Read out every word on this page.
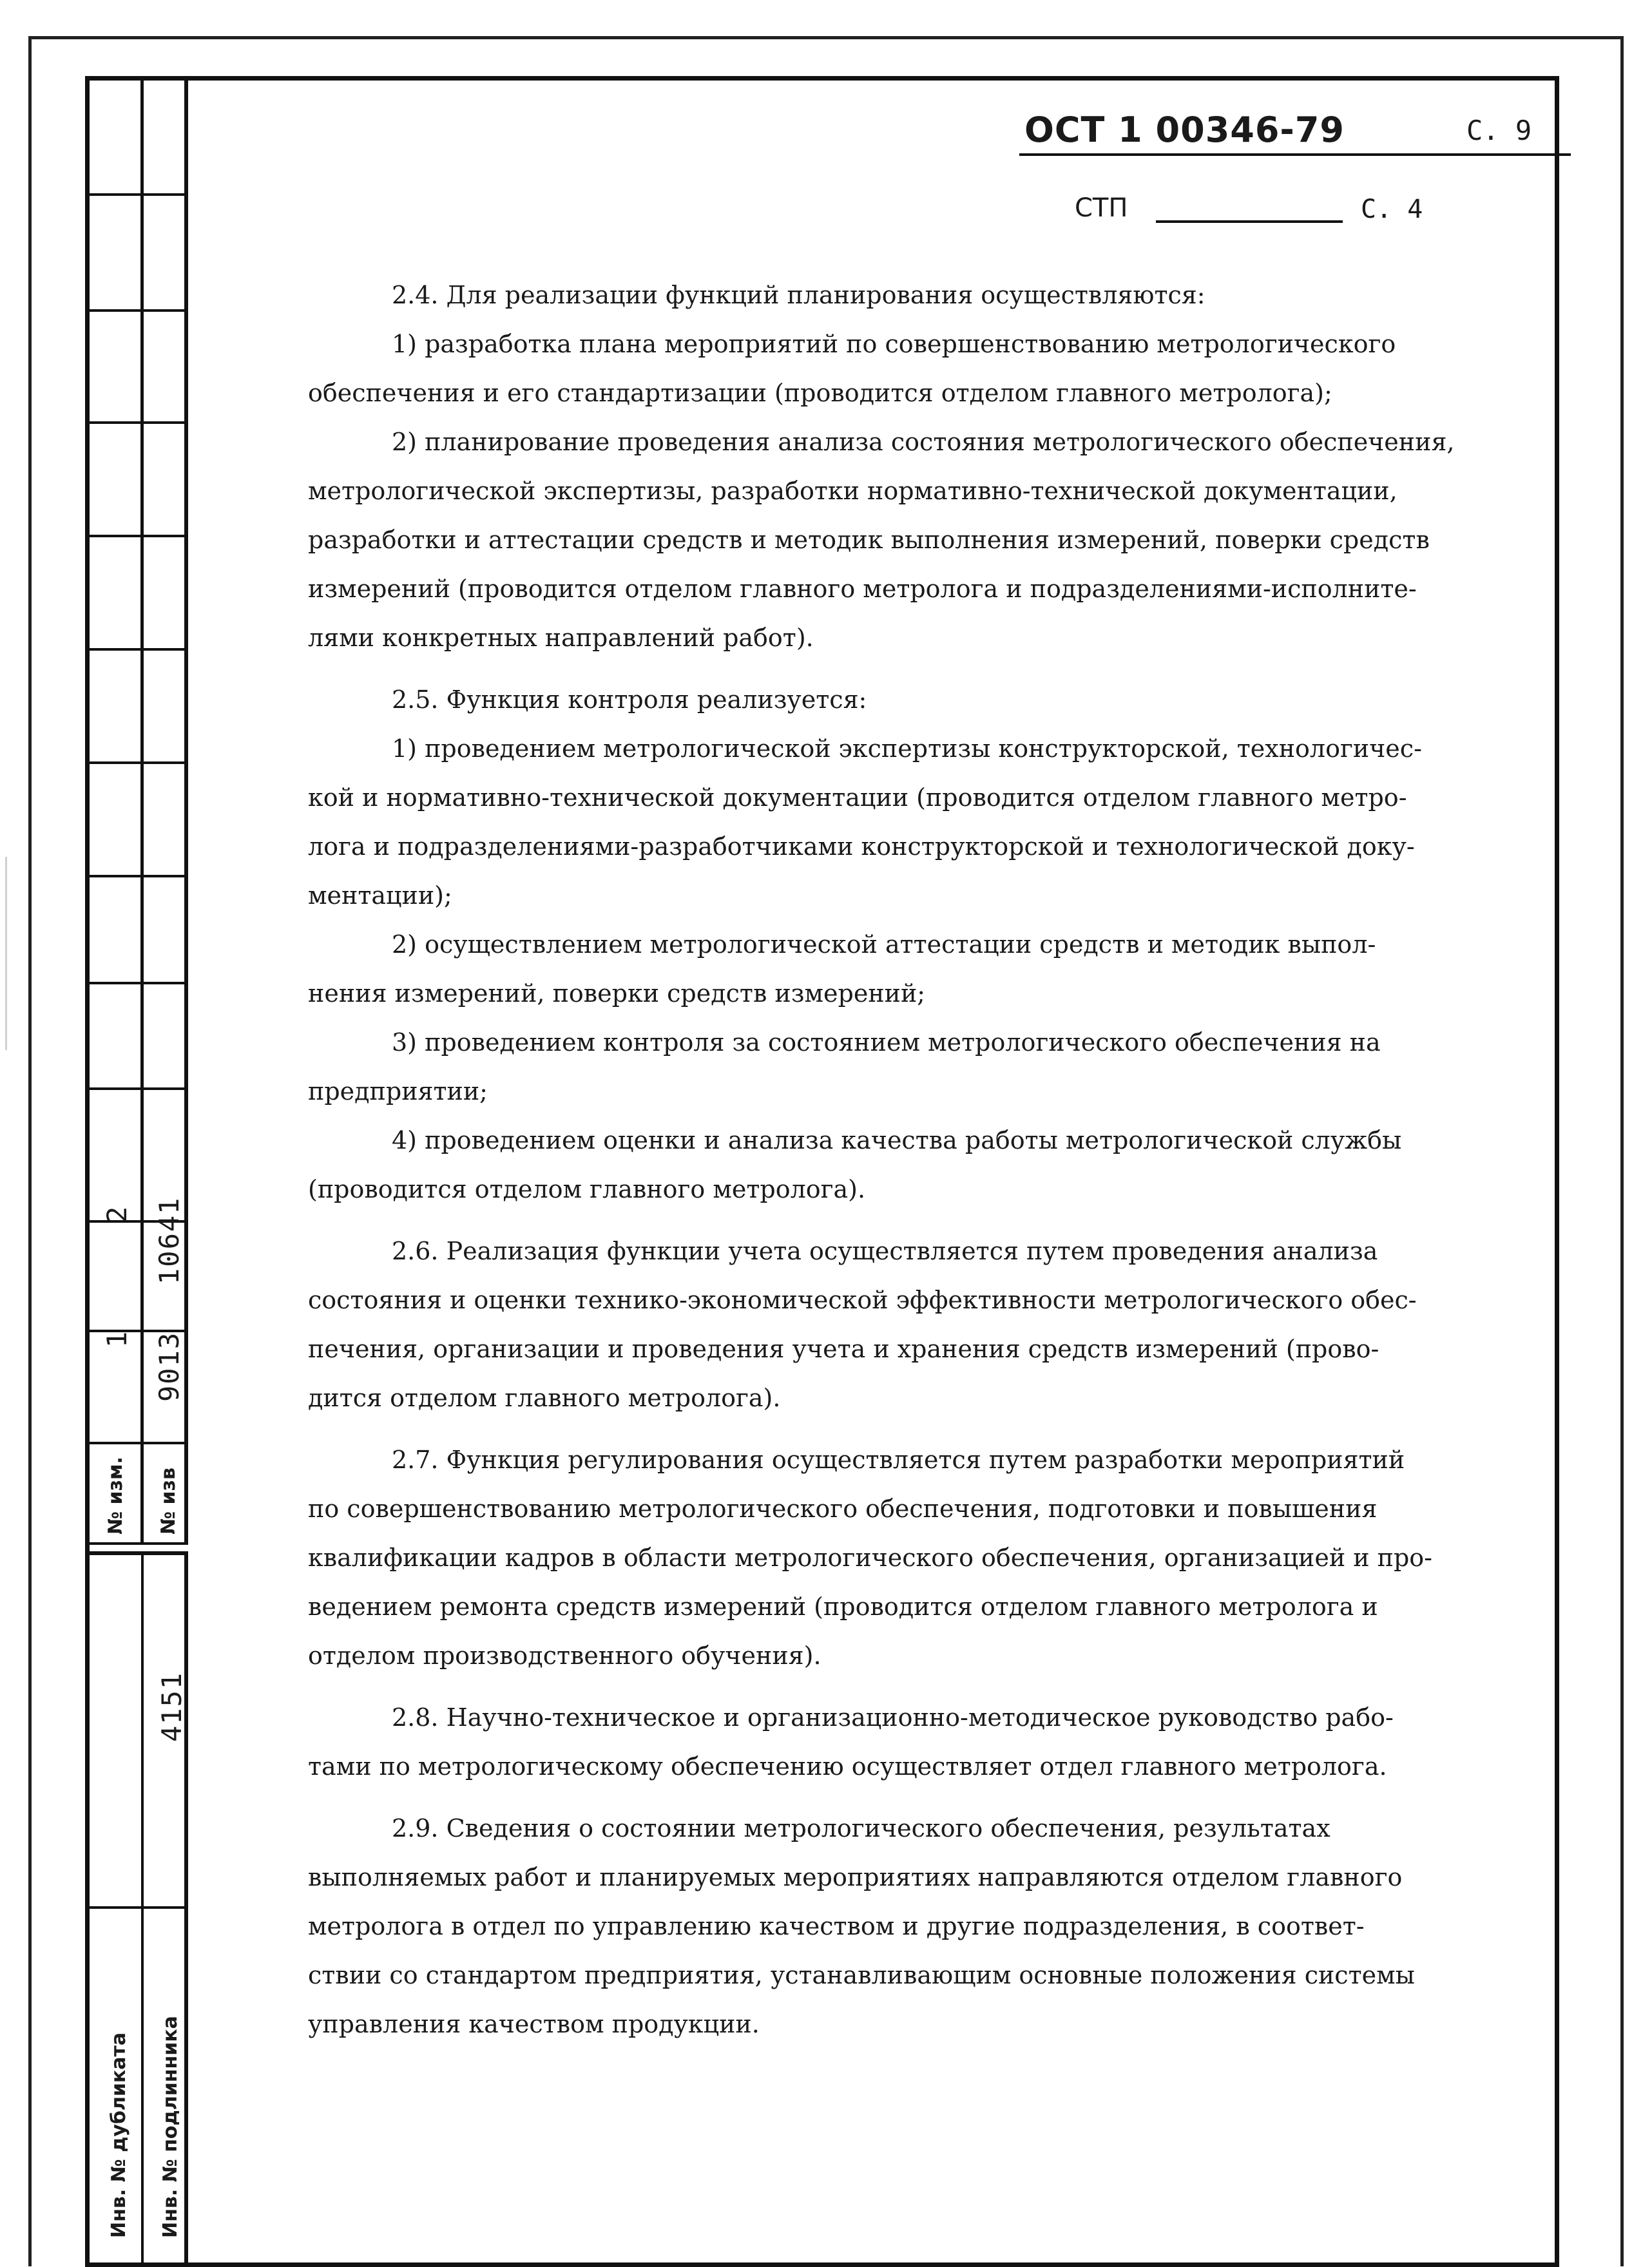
2 10641
1 9013
№ изм. № изв
4151
Инв. № дубликата Инв. № подлинника
ОСТ 1 00346-79	С. 9
СТП	С. 4

2.4. Для реализации функций планирования осуществляются:

1) разработка плана мероприятий по совершенствованию метрологического
обеспечения и его стандартизации (проводится отделом главного метролога);

2) планирование проведения анализа состояния метрологического обеспечения,
метрологической экспертизы, разработки нормативно-технической документации,
разработки и аттестации средств и методик выполнения измерений, поверки средств
измерений (проводится отделом главного метролога и подразделениями-исполните-
лями конкретных направлений работ).

2.5. Функция контроля реализуется:

1) проведением метрологической экспертизы конструкторской, технологичес-
кой и нормативно-технической документации (проводится отделом главного метро-
лога и подразделениями-разработчиками конструкторской и технологической доку-
ментации);

2) осуществлением метрологической аттестации средств и методик выпол-
нения измерений, поверки средств измерений;

3) проведением контроля за состоянием метрологического обеспечения на
предприятии;

4) проведением оценки и анализа качества работы метрологической службы
(проводится отделом главного метролога).

2.6. Реализация функции учета осуществляется путем проведения анализа
состояния и оценки технико-экономической эффективности метрологического обес-
печения, организации и проведения учета и хранения средств измерений (прово-
дится отделом главного метролога).

2.7. Функция регулирования осуществляется путем разработки мероприятий
по совершенствованию метрологического обеспечения, подготовки и повышения
квалификации кадров в области метрологического обеспечения, организацией и про-
ведением ремонта средств измерений (проводится отделом главного метролога и
отделом производственного обучения).

2.8. Научно-техническое и организационно-методическое руководство рабо-
тами по метрологическому обеспечению осуществляет отдел главного метролога.

2.9. Сведения о состоянии метрологического обеспечения, результатах
выполняемых работ и планируемых мероприятиях направляются отделом главного
метролога в отдел по управлению качеством и другие подразделения, в соответ-
ствии со стандартом предприятия, устанавливающим основные положения системы
управления качеством продукции.
